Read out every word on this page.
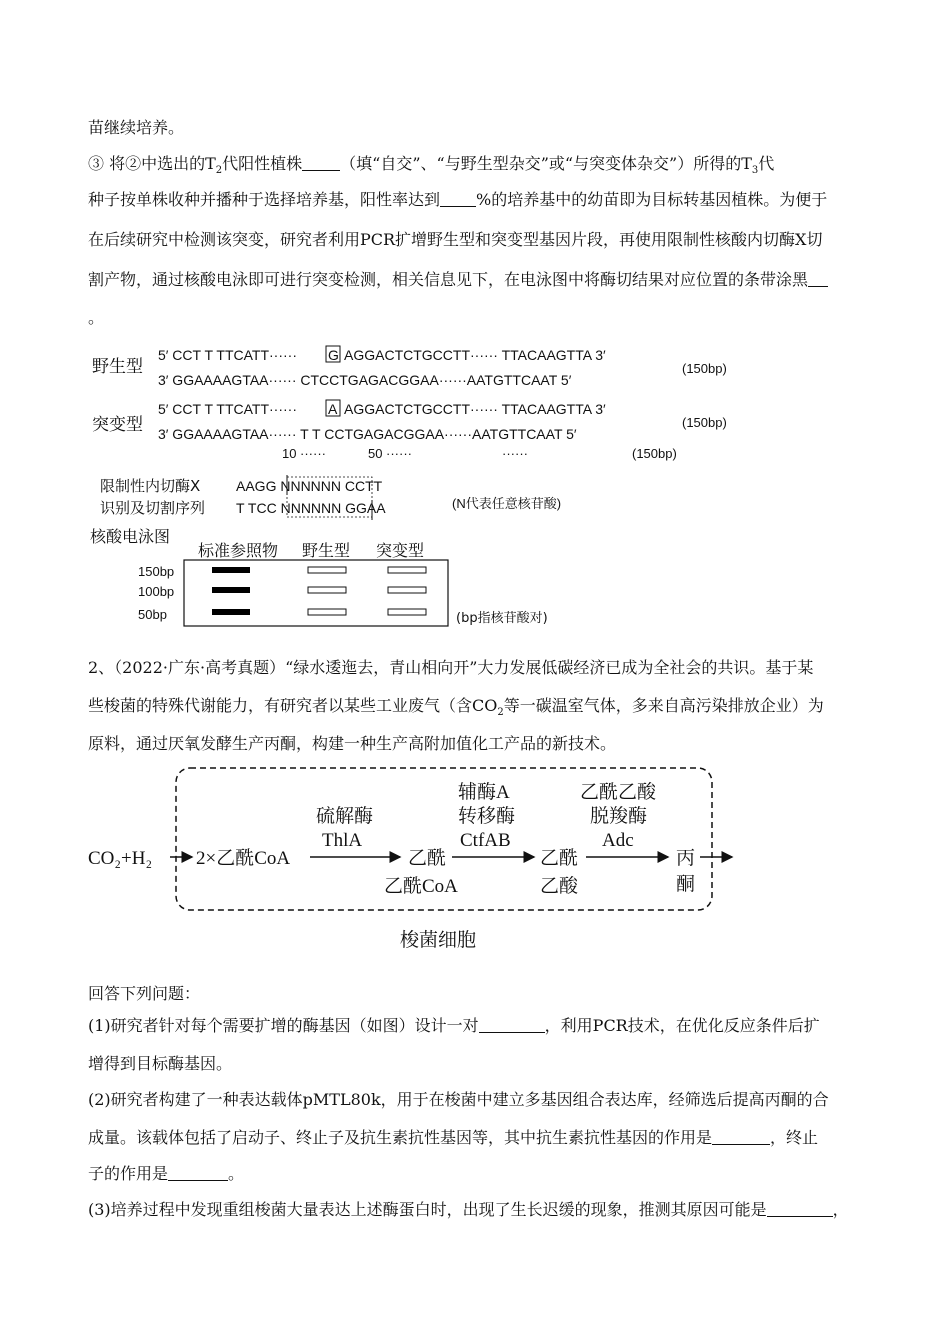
苗继续培养。
③ 将②中选出的$T_2$代阳性植株 （填“自交”、“与野生型杂交”或“与突变体杂交”）所得的$T_3$代
种子按单株收种并播种于选择培养基，阳性率达到 %的培养基中的幼苗即为目标转基因植株。为便于
在后续研究中检测该突变，研究者利用PCR扩增野生型和突变型基因片段，再使用限制性核酸内切酶X切
割产物，通过核酸电泳即可进行突变检测，相关信息见下，在电泳图中将酶切结果对应位置的条带涂黑
。
野生型
突变型
5′ CCT T TTCATT······ G AGGACTCTGCCTT······ TTACAAGTTA 3′
3′ GGAAAAGTAA······ CTCCTGAGACGGAA······AATGTTCAAT 5′
(150bp)
5′ CCT T TTCATT······ A AGGACTCTGCCTT······ TTACAAGTTA 3′
3′ GGAAAAGTAA······ T T CCTGAGACGGAA······AATGTTCAAT 5′
(150bp)
10 ······	50 ······	······	(150bp)
限制性内切酶X
识别及切割序列
AAGG NNNNNN CCTT
T TCC NNNNNN GGAA	(N代表任意核苷酸)
核酸电泳图
标准参照物 野生型 突变型
150bp
100bp
50bp	(bp指核苷酸对)
2、（2022·广东·高考真题）“绿水逶迤去，青山相向开”大力发展低碳经济已成为全社会的共识。基于某
些梭菌的特殊代谢能力，有研究者以某些工业废气（含$CO_2$等一碳温室气体，多来自高污染排放企业）为
原料，通过厌氧发酵生产丙酮，构建一种生产高附加值化工产品的新技术。
CO₂+H₂ 2×乙酰CoA
硫解酶
ThlA
乙酰
乙酰CoA
辅酶A
转移酶
CtfAB
乙酰
乙酸
乙酰乙酸
脱羧酶
Adc
丙
酮
梭菌细胞
回答下列问题：
(1)研究者针对每个需要扩增的酶基因（如图）设计一对	，利用PCR技术，在优化反应条件后扩
增得到目标酶基因。
(2)研究者构建了一种表达载体pMTL80k，用于在梭菌中建立多基因组合表达库，经筛选后提高丙酮的合
成量。该载体包括了启动子、终止子及抗生素抗性基因等，其中抗生素抗性基因的作用是	，终止
子的作用是	。
(3)培养过程中发现重组梭菌大量表达上述酶蛋白时，出现了生长迟缓的现象，推测其原因可能是	，
